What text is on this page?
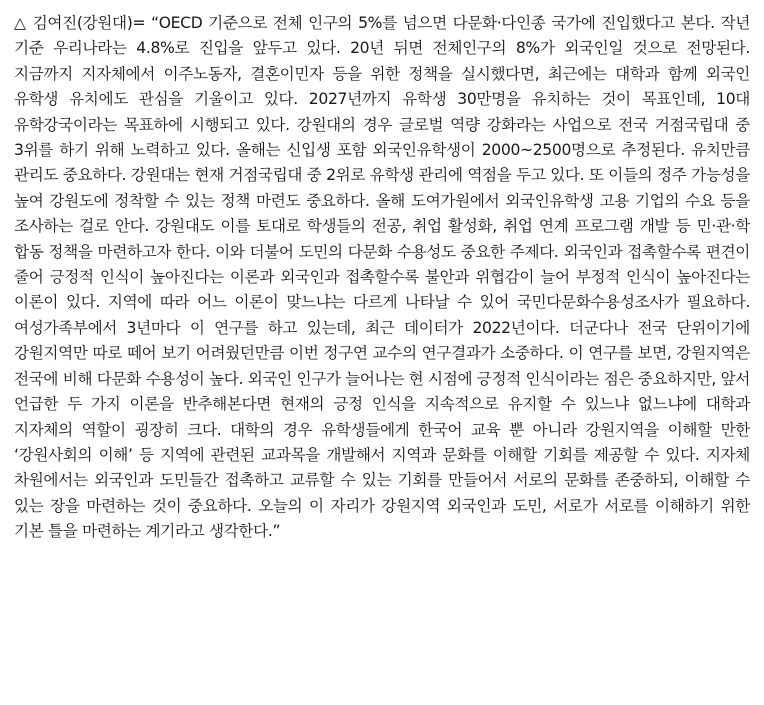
△ 김여진(강원대)= “OECD 기준으로 전체 인구의 5%를 넘으면 다문화·다인종 국가에 진입했다고 본다. 작년 기준 우리나라는 4.8%로 진입을 앞두고 있다. 20년 뒤면 전체인구의 8%가 외국인일 것으로 전망된다. 지금까지 지자체에서 이주노동자, 결혼이민자 등을 위한 정책을 실시했다면, 최근에는 대학과 함께 외국인 유학생 유치에도 관심을 기울이고 있다. 2027년까지 유학생 30만명을 유치하는 것이 목표인데, 10대 유학강국이라는 목표하에 시행되고 있다. 강원대의 경우 글로벌 역량 강화라는 사업으로 전국 거점국립대 중 3위를 하기 위해 노력하고 있다. 올해는 신입생 포함 외국인유학생이 2000~2500명으로 추정된다. 유치만큼 관리도 중요하다. 강원대는 현재 거점국립대 중 2위로 유학생 관리에 역점을 두고 있다. 또 이들의 정주 가능성을 높여 강원도에 정착할 수 있는 정책 마련도 중요하다. 올해 도여가원에서 외국인유학생 고용 기업의 수요 등을 조사하는 걸로 안다. 강원대도 이를 토대로 학생들의 전공, 취업 활성화, 취업 연계 프로그램 개발 등 민·관·학 합동 정책을 마련하고자 한다. 이와 더불어 도민의 다문화 수용성도 중요한 주제다. 외국인과 접촉할수록 편견이 줄어 긍정적 인식이 높아진다는 이론과 외국인과 접촉할수록 불안과 위협감이 늘어 부정적 인식이 높아진다는 이론이 있다. 지역에 따라 어느 이론이 맞느냐는 다르게 나타날 수 있어 국민다문화수용성조사가 필요하다. 여성가족부에서 3년마다 이 연구를 하고 있는데, 최근 데이터가 2022년이다. 더군다나 전국 단위이기에 강원지역만 따로 떼어 보기 어려웠던만큼 이번 정구연 교수의 연구결과가 소중하다. 이 연구를 보면, 강원지역은 전국에 비해 다문화 수용성이 높다. 외국인 인구가 늘어나는 현 시점에 긍정적 인식이라는 점은 중요하지만, 앞서 언급한 두 가지 이론을 반추해본다면 현재의 긍정 인식을 지속적으로 유지할 수 있느냐 없느냐에 대학과 지자체의 역할이 굉장히 크다. 대학의 경우 유학생들에게 한국어 교육 뿐 아니라 강원지역을 이해할 만한 ‘강원사회의 이해’ 등 지역에 관련된 교과목을 개발해서 지역과 문화를 이해할 기회를 제공할 수 있다. 지자체 차원에서는 외국인과 도민들간 접촉하고 교류할 수 있는 기회를 만들어서 서로의 문화를 존중하되, 이해할 수 있는 장을 마련하는 것이 중요하다. 오늘의 이 자리가 강원지역 외국인과 도민, 서로가 서로를 이해하기 위한 기본 틀을 마련하는 계기라고 생각한다.”
